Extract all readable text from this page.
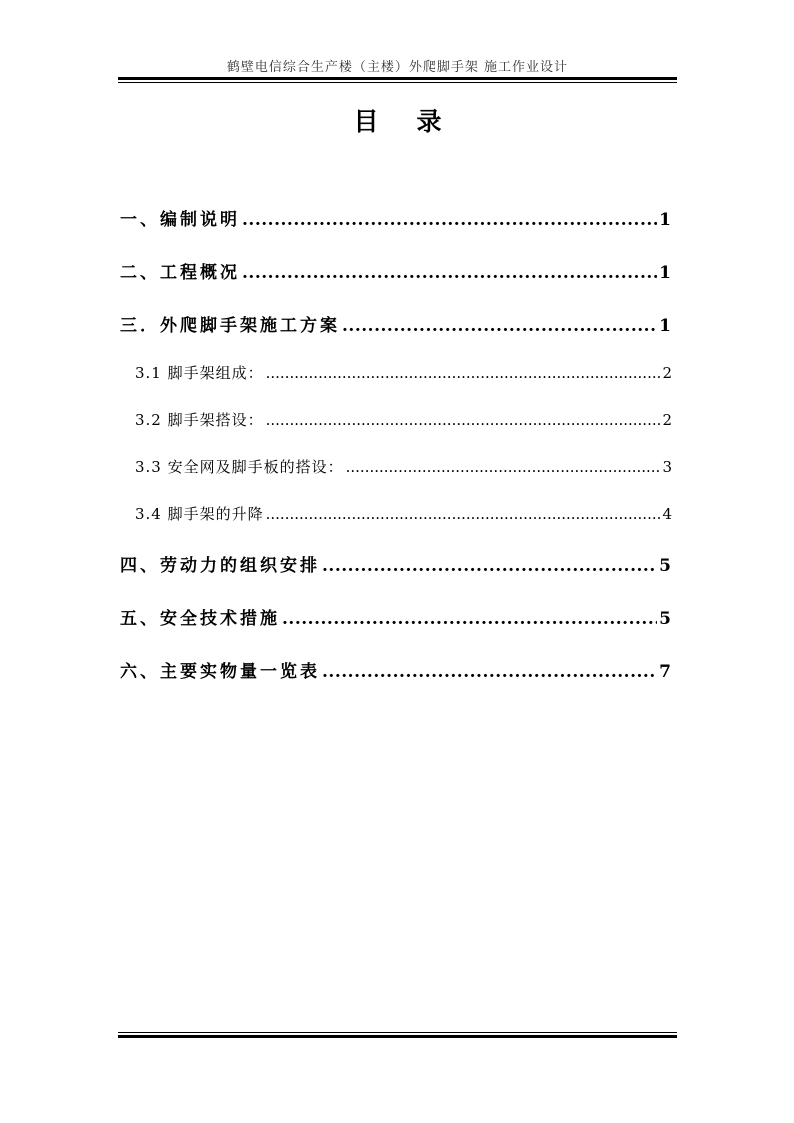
鹤壁电信综合生产楼（主楼）外爬脚手架 施工作业设计
目录
一、编制说明 .....	1
二、工程概况 .....	1
三．外爬脚手架施工方案 .....	1
3.1 脚手架组成： .....	2
3.2 脚手架搭设： .....	2
3.3 安全网及脚手板的搭设： .....	3
3.4 脚手架的升降 .....	4
四、劳动力的组织安排 .....	5
五、安全技术措施 .....	5
六、主要实物量一览表 .....	7
